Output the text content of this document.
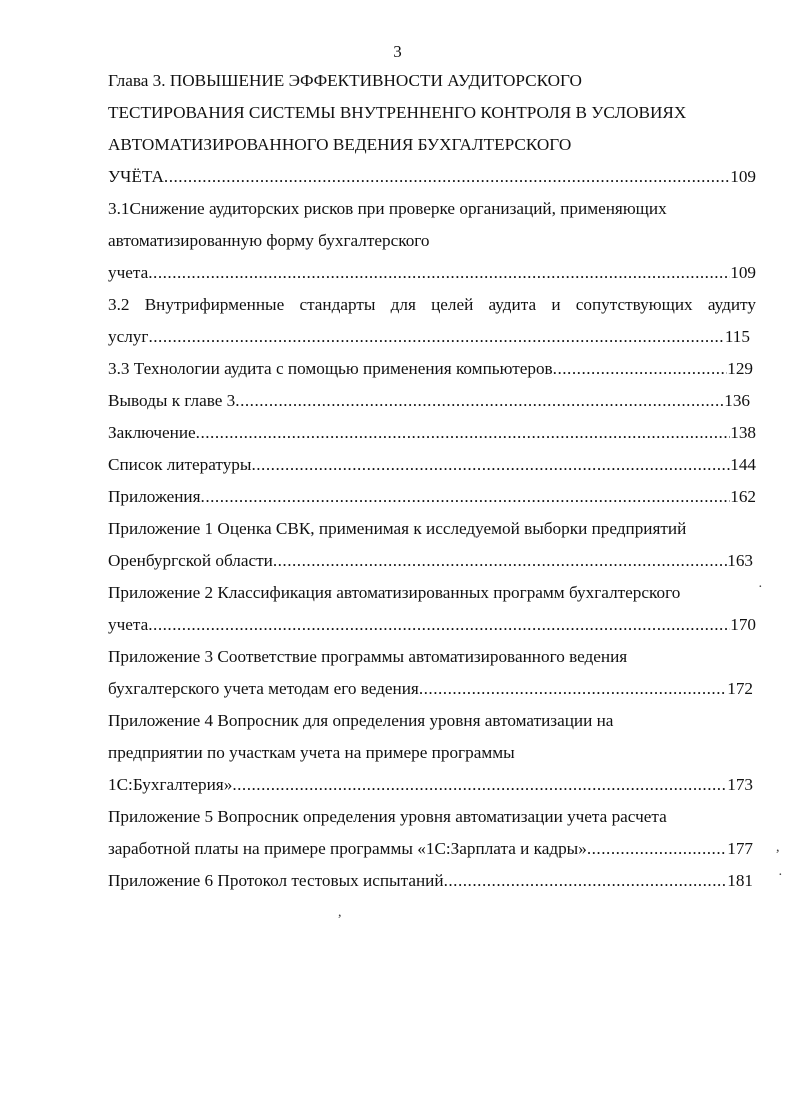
3
Глава 3. ПОВЫШЕНИЕ ЭФФЕКТИВНОСТИ АУДИТОРСКОГО
ТЕСТИРОВАНИЯ СИСТЕМЫ ВНУТРЕННЕНГО КОНТРОЛЯ В УСЛОВИЯХ
АВТОМАТИЗИРОВАННОГО ВЕДЕНИЯ БУХГАЛТЕРСКОГО
УЧЁТА .....	109
3.1Снижение аудиторских рисков при проверке организаций, применяющих
автоматизированную форму бухгалтерского
учета .....	109
3.2 Внутрифирменные стандарты для целей аудита и сопутствующих аудиту
услуг .....	115
3.3 Технологии аудита с помощью применения компьютеров .....	129
Выводы к главе 3 .....	136
Заключение .....	138
Список литературы .....	144
Приложения .....	162
Приложение 1 Оценка СВК, применимая к исследуемой выборки предприятий
Оренбургской области .....	163
Приложение 2 Классификация автоматизированных программ бухгалтерского
учета .....	170
Приложение 3 Соответствие программы автоматизированного ведения
бухгалтерского учета методам его ведения .....	172
Приложение 4 Вопросник для определения уровня автоматизации на
предприятии по участкам учета на примере программы
1С:Бухгалтерия» .....	173
Приложение 5 Вопросник определения уровня автоматизации учета расчета
заработной платы на примере программы «1С:Зарплата и кадры» .....	177
Приложение 6 Протокол тестовых испытаний .....	181
·
,
·
,
